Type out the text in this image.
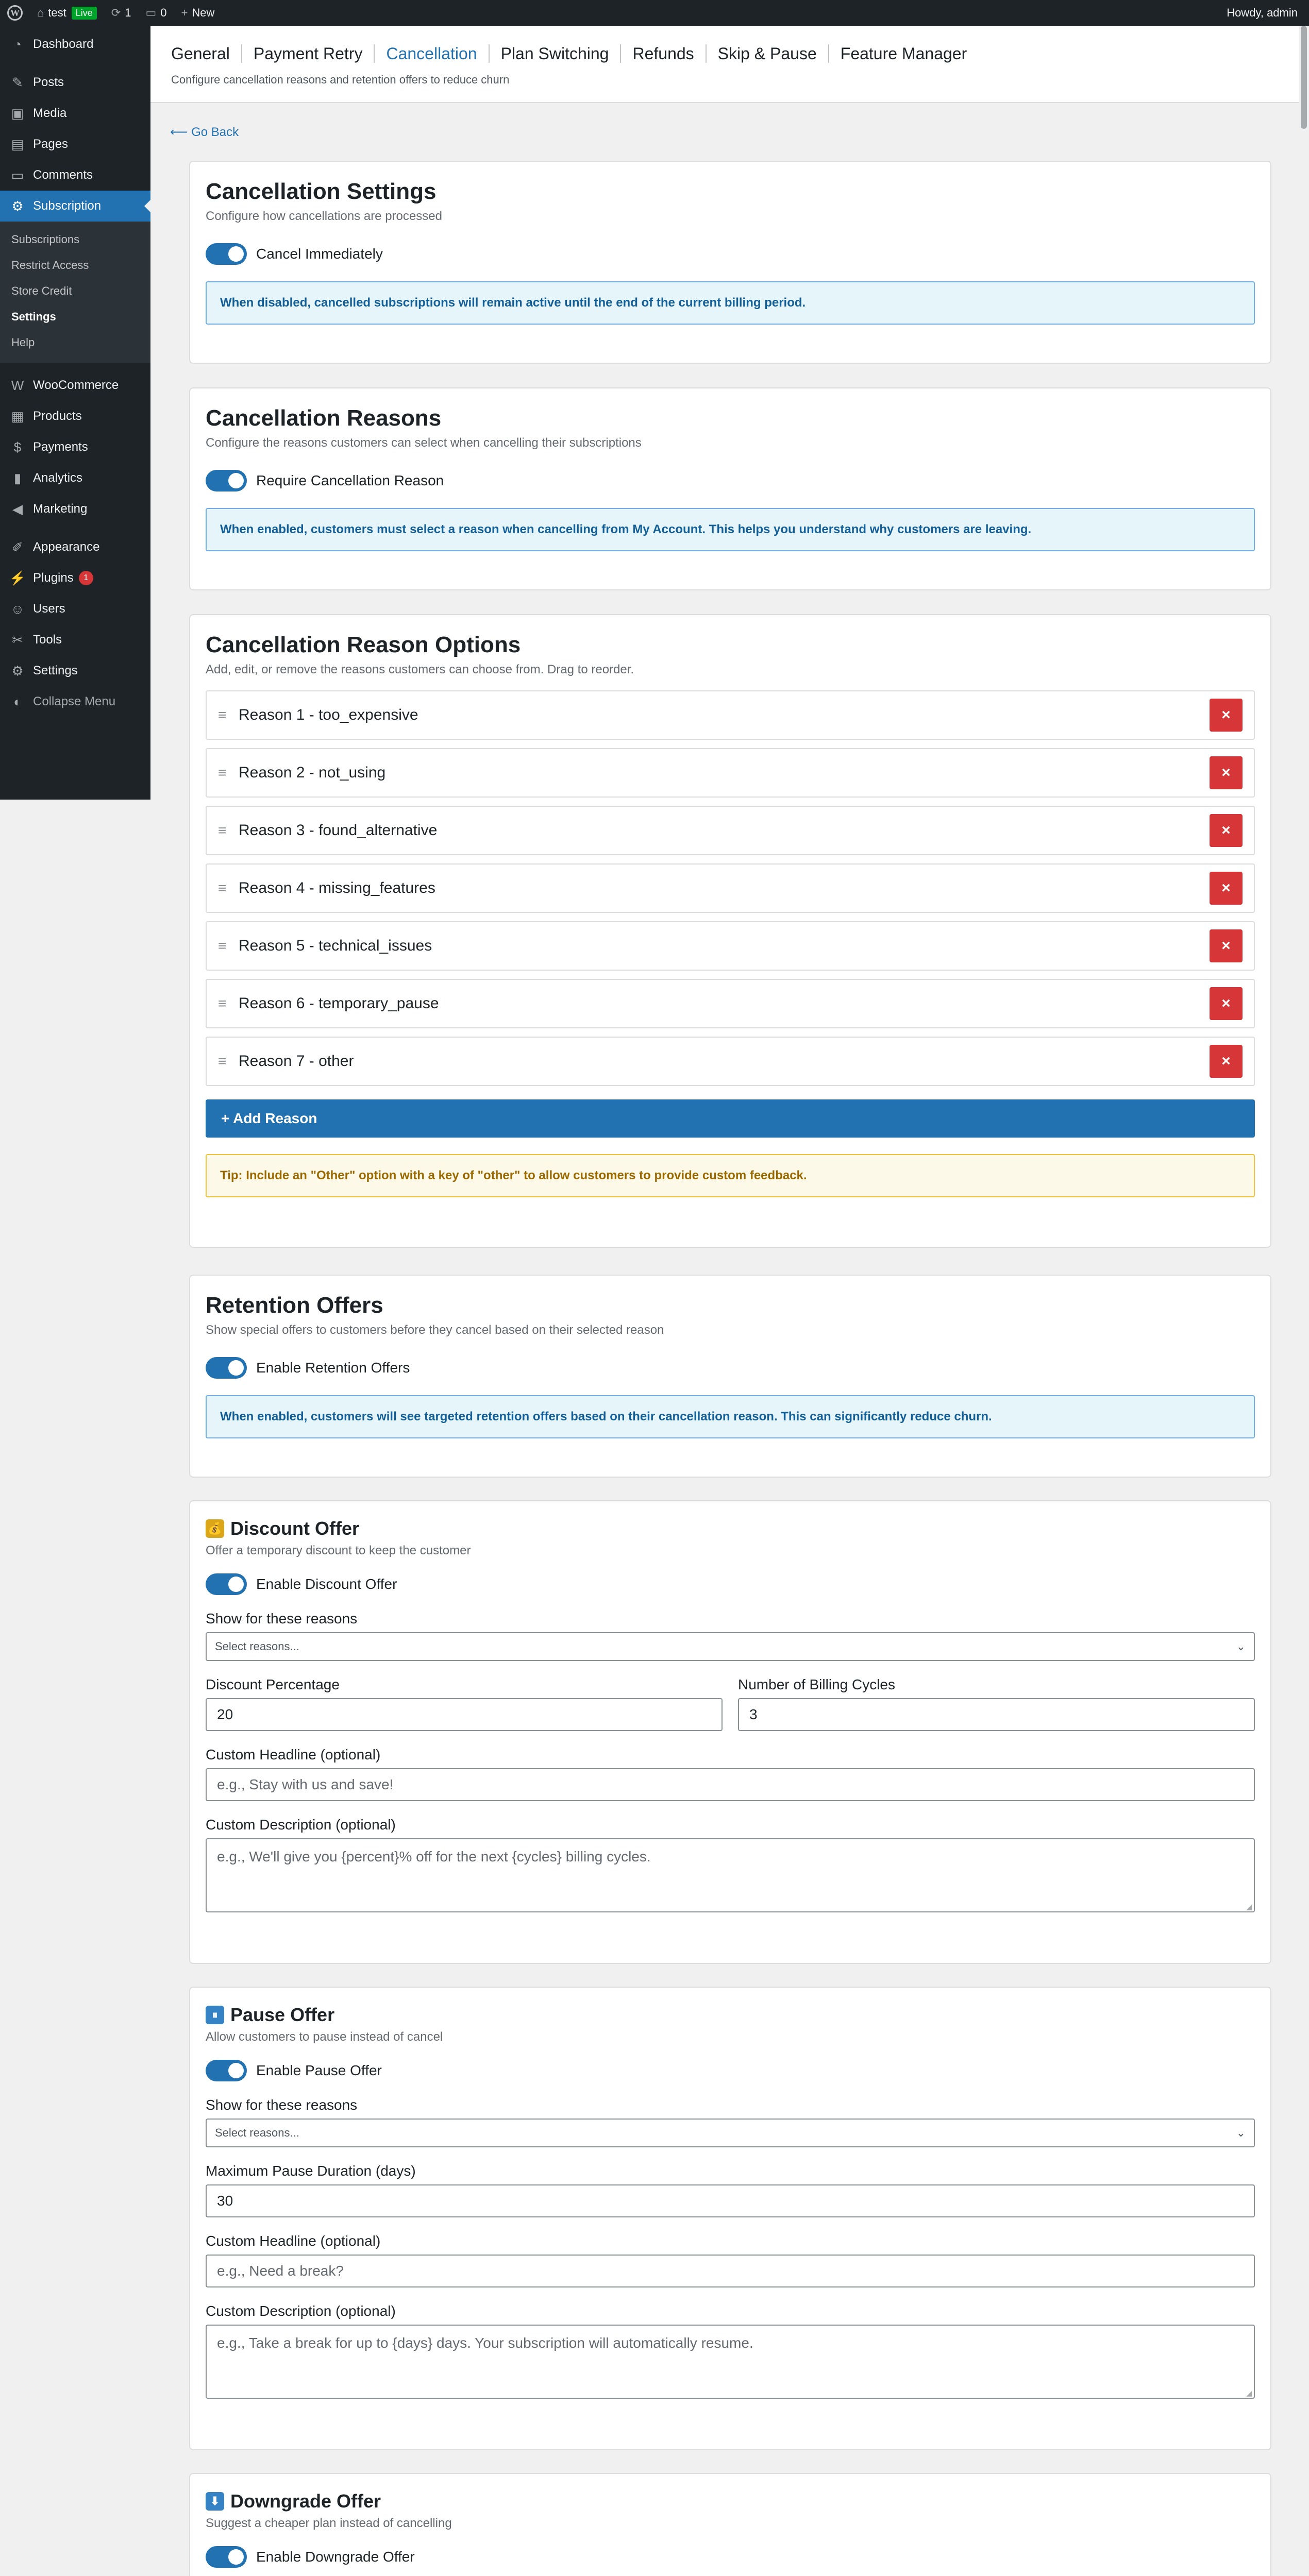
W ⌂ test	Live	⟳ 1 ▭ 0 + New	Howdy, admin
◔ Dashboard
✎ Posts
▣ Media
▤ Pages
▭ Comments
⚙ Subscription
Subscriptions
Restrict Access
Store Credit
Settings
Help
W WooCommerce
▦ Products
$ Payments
▮ Analytics
◀ Marketing
✐ Appearance
⚡ Plugins	1
☺ Users
✂ Tools
⚙ Settings
◐ Collapse Menu
General	Payment Retry	Cancellation	Plan Switching	Refunds	Skip & Pause	Feature Manager
Configure cancellation reasons and retention offers to reduce churn
⟵ Go Back
Cancellation Settings
Configure how cancellations are processed
Cancel Immediately
When disabled, cancelled subscriptions will remain active until the end of the current billing period.
Cancellation Reasons
Configure the reasons customers can select when cancelling their subscriptions
Require Cancellation Reason
When enabled, customers must select a reason when cancelling from My Account. This helps you understand why customers are leaving.
Cancellation Reason Options
Add, edit, or remove the reasons customers can choose from. Drag to reorder.
≡ Reason 1 - too_expensive	×
≡ Reason 2 - not_using	×
≡ Reason 3 - found_alternative	×
≡ Reason 4 - missing_features	×
≡ Reason 5 - technical_issues	×
≡ Reason 6 - temporary_pause	×
≡ Reason 7 - other	×
+ Add Reason
Tip: Include an "Other" option with a key of "other" to allow customers to provide custom feedback.
Retention Offers
Show special offers to customers before they cancel based on their selected reason
Enable Retention Offers
When enabled, customers will see targeted retention offers based on their cancellation reason. This can significantly reduce churn.
💰 Discount Offer
Offer a temporary discount to keep the customer
Enable Discount Offer
Show for these reasons
Select reasons...	⌄
Discount Percentage
20
Number of Billing Cycles
3
Custom Headline (optional)
e.g., Stay with us and save!
Custom Description (optional)
e.g., We'll give you {percent}% off for the next {cycles} billing cycles. ◢
⏸ Pause Offer
Allow customers to pause instead of cancel
Enable Pause Offer
Show for these reasons
Select reasons...	⌄
Maximum Pause Duration (days)
30
Custom Headline (optional)
e.g., Need a break?
Custom Description (optional)
e.g., Take a break for up to {days} days. Your subscription will automatically resume. ◢
⬇ Downgrade Offer
Suggest a cheaper plan instead of cancelling
Enable Downgrade Offer
